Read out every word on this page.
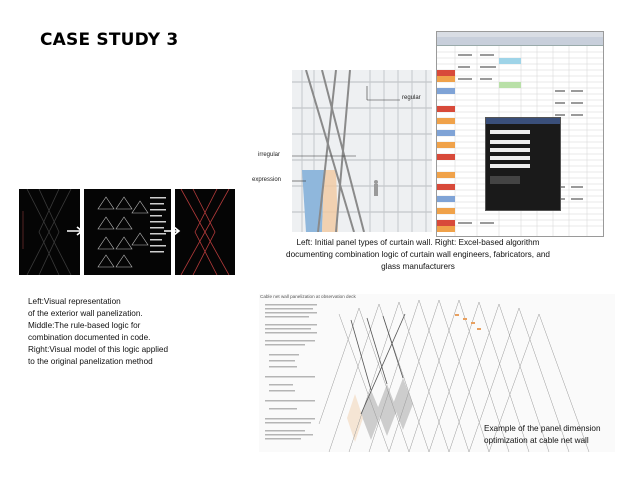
CASE STUDY 3
regular
irregular
expression
Left: Initial panel types of curtain wall. Right: Excel-based algorithm
documenting combination logic of curtain wall engineers, fabricators, and
glass manufacturers
Left:Visual representation
of the exterior wall panelization.
Middle:The rule-based logic for
combination documented in code.
Right:Visual model of this logic applied
to the original panelization method
Cable net wall panelization at observation deck
Example of the panel dimension
optimization at cable net wall
